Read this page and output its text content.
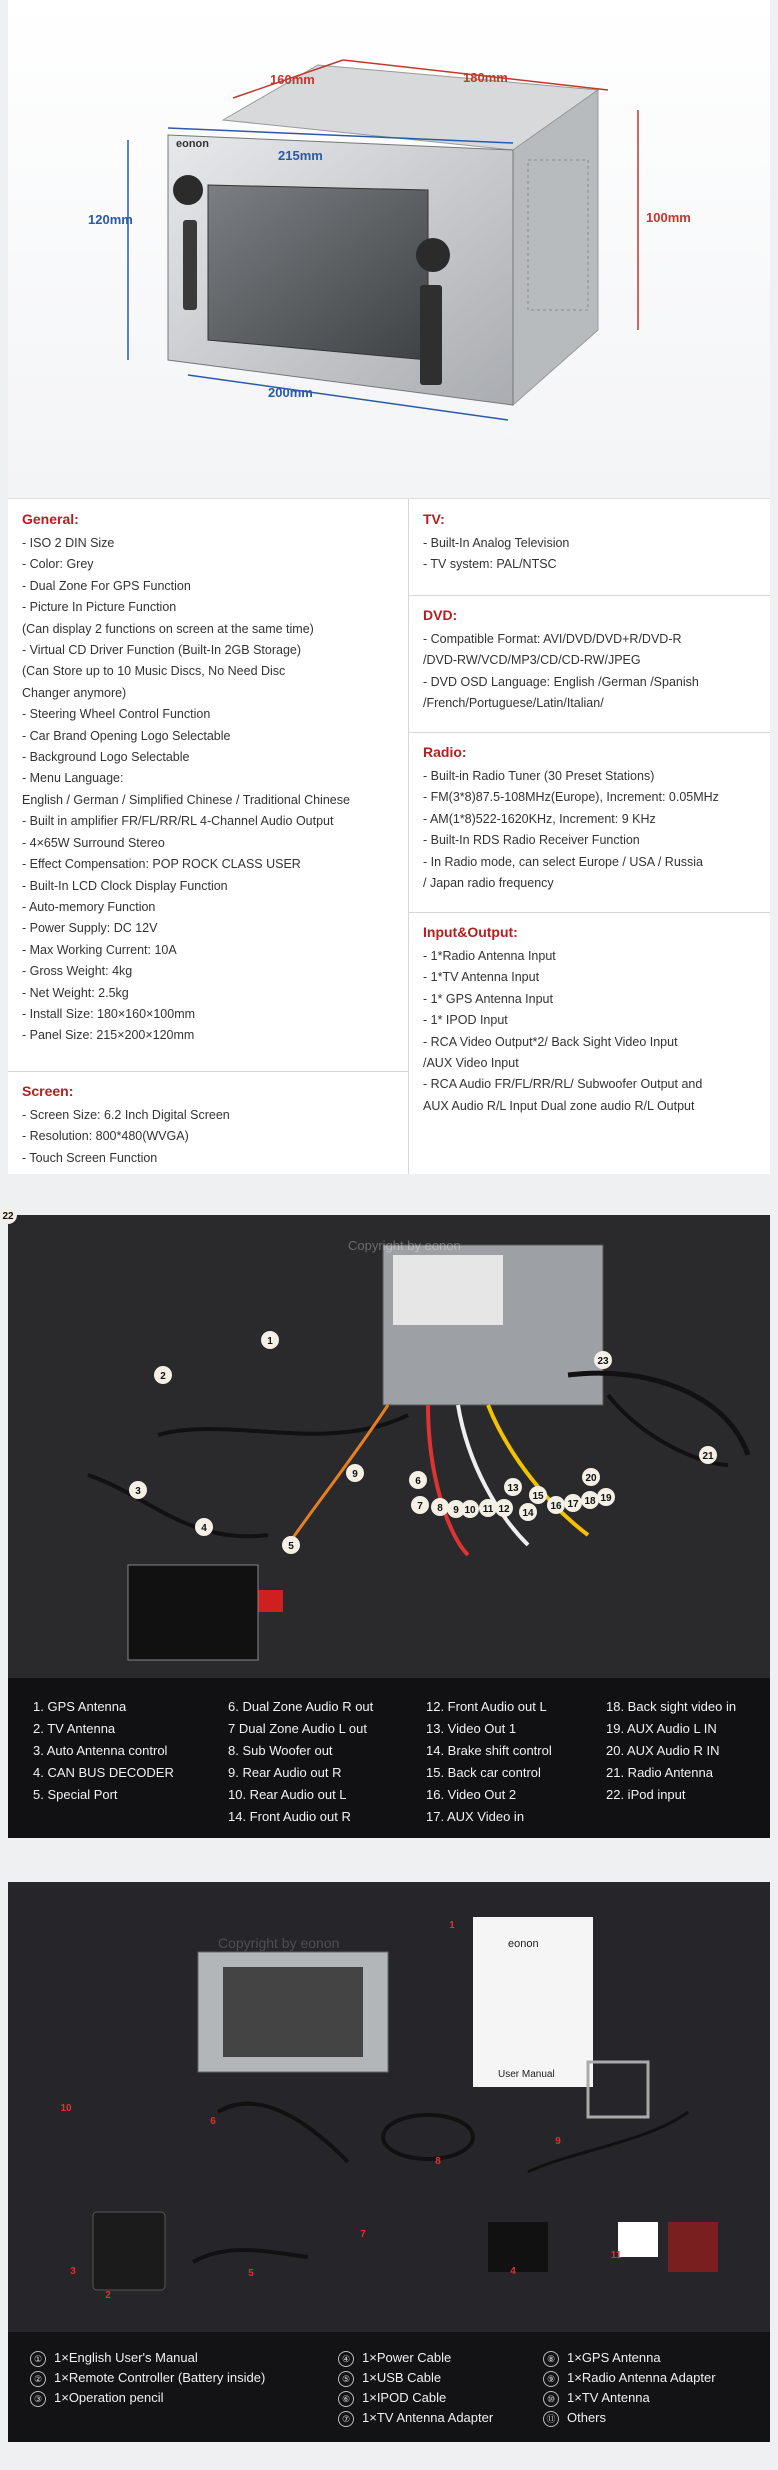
160mm	180mm
215mm
120mm	100mm
200mm
eonon
General:
- ISO 2 DIN Size
- Color: Grey
- Dual Zone For GPS Function
- Picture In Picture Function
(Can display 2 functions on screen at the same time)
- Virtual CD Driver Function (Built-In 2GB Storage)
(Can Store up to 10 Music Discs, No Need Disc
Changer anymore)
- Steering Wheel Control Function
- Car Brand Opening Logo Selectable
- Background Logo Selectable
- Menu Language:
English / German / Simplified Chinese / Traditional Chinese
- Built in amplifier FR/FL/RR/RL 4-Channel Audio Output
- 4×65W Surround Stereo
- Effect Compensation: POP ROCK CLASS USER
- Built-In LCD Clock Display Function
- Auto-memory Function
- Power Supply: DC 12V
- Max Working Current: 10A
- Gross Weight: 4kg
- Net Weight: 2.5kg
- Install Size: 180×160×100mm
- Panel Size: 215×200×120mm
Screen:
- Screen Size: 6.2 Inch Digital Screen
- Resolution: 800*480(WVGA)
- Touch Screen Function
TV:
- Built-In Analog Television
- TV system: PAL/NTSC
DVD:
- Compatible Format: AVI/DVD/DVD+R/DVD-R
/DVD-RW/VCD/MP3/CD/CD-RW/JPEG
- DVD OSD Language: English /German /Spanish
/French/Portuguese/Latin/Italian/
Radio:
- Built-in Radio Tuner (30 Preset Stations)
- FM(3*8)87.5-108MHz(Europe), Increment: 0.05MHz
- AM(1*8)522-1620KHz, Increment: 9 KHz
- Built-In RDS Radio Receiver Function
- In Radio mode, can select Europe / USA / Russia
/ Japan radio frequency
Input&Output:
- 1*Radio Antenna Input
- 1*TV Antenna Input
- 1* GPS Antenna Input
- 1* IPOD Input
- RCA Video Output*2/ Back Sight Video Input
/AUX Video Input
- RCA Audio FR/FL/RR/RL/ Subwoofer Output and
AUX Audio R/L Input Dual zone audio R/L Output
Copyright by eonon
1
2
3
4
5
6
7 8 9 10 11 12
13
14
15
16 17 18 19
20
21
22
23
9
1. GPS Antenna
2. TV Antenna
3. Auto Antenna control
4. CAN BUS DECODER
5. Special Port
6. Dual Zone Audio R out
7 Dual Zone Audio L out
8. Sub Woofer out
9. Rear Audio out R
10. Rear Audio out L
14. Front Audio out R
12. Front Audio out L
13. Video Out 1
14. Brake shift control
15. Back car control
16. Video Out 2
17. AUX Video in
18. Back sight video in
19. AUX Audio L IN
20. AUX Audio R IN
21. Radio Antenna
22. iPod input
eonon
User Manual
Copyright by eonon
1
2
3	4
5
6
7
8
9
10
11
① 1×English User's Manual
② 1×Remote Controller (Battery inside)
③ 1×Operation pencil
④ 1×Power Cable
⑤ 1×USB Cable
⑥ 1×IPOD Cable
⑦ 1×TV Antenna Adapter
⑧ 1×GPS Antenna
⑨ 1×Radio Antenna Adapter
⑩ 1×TV Antenna
⑪ Others
